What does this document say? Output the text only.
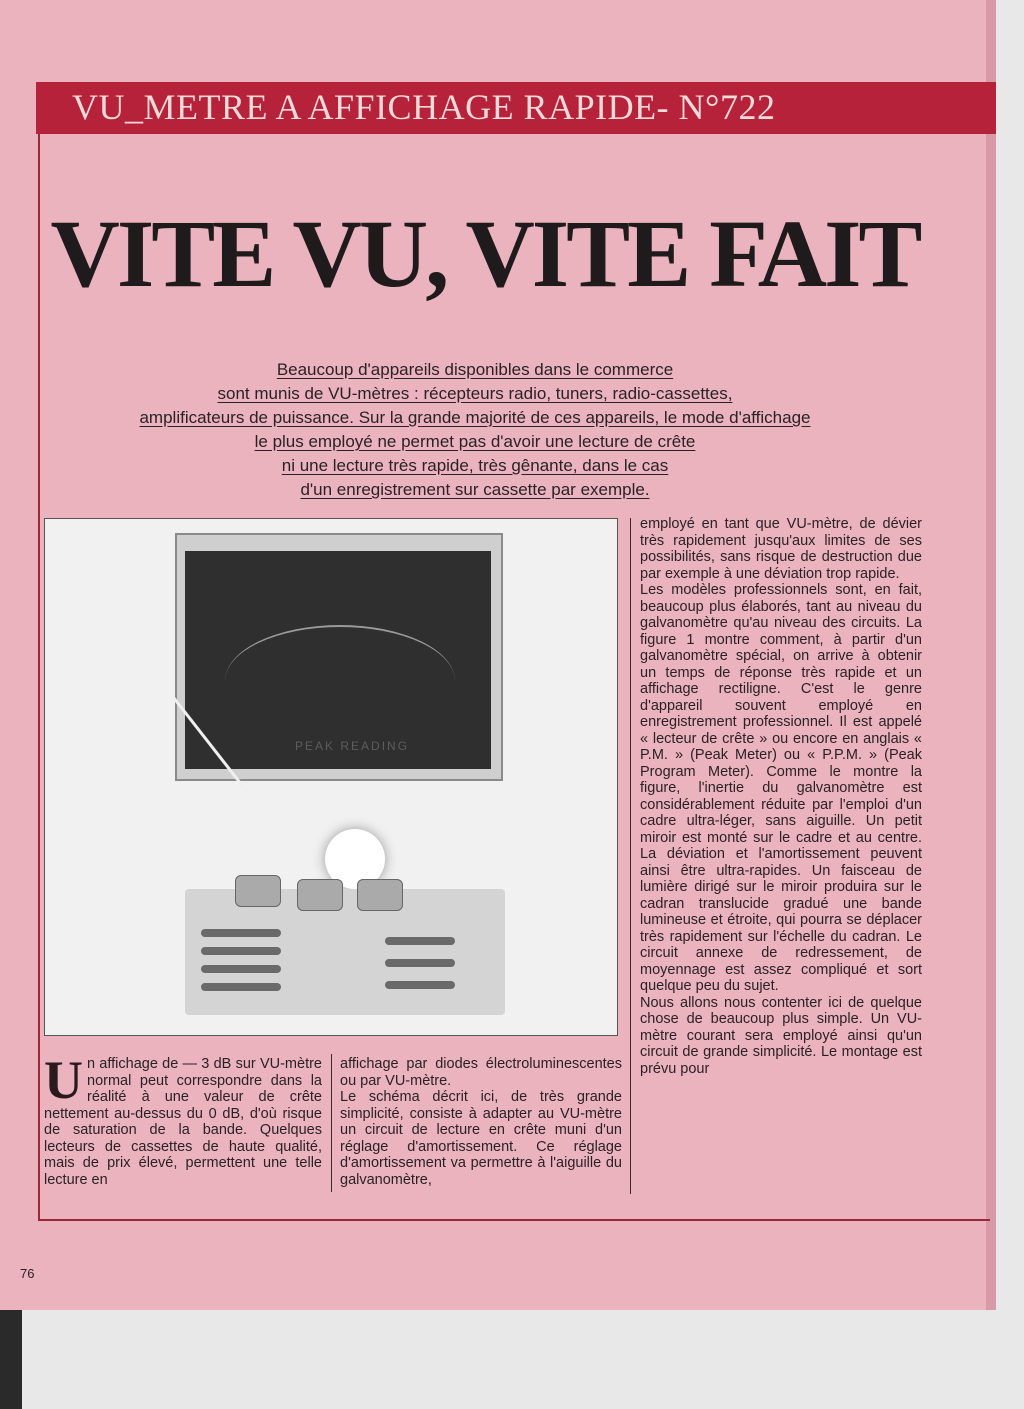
VU_METRE A AFFICHAGE RAPIDE- N°722
VITE VU, VITE FAIT
Beaucoup d'appareils disponibles dans le commerce
sont munis de VU-mètres : récepteurs radio, tuners, radio-cassettes,
amplificateurs de puissance. Sur la grande majorité de ces appareils, le mode d'affichage
le plus employé ne permet pas d'avoir une lecture de crête
ni une lecture très rapide, très gênante, dans le cas
d'un enregistrement sur cassette par exemple.
PEAK READING

Un affichage de — 3 dB sur VU-mètre normal peut correspondre dans la réalité à une valeur de crête nettement au-dessus du 0 dB, d'où risque de saturation de la bande. Quelques lecteurs de cassettes de haute qualité, mais de prix élevé, permettent une telle lecture en

affichage par diodes électroluminescentes ou par VU-mètre.

Le schéma décrit ici, de très grande simplicité, consiste à adapter au VU-mètre un circuit de lecture en crête muni d'un réglage d'amortissement. Ce réglage d'amortissement va permettre à l'aiguille du galvanomètre,

employé en tant que VU-mètre, de dévier très rapidement jusqu'aux limites de ses possibilités, sans risque de destruction due par exemple à une déviation trop rapide.

Les modèles professionnels sont, en fait, beaucoup plus élaborés, tant au niveau du galvanomètre qu'au niveau des circuits. La figure 1 montre comment, à partir d'un galvanomètre spécial, on arrive à obtenir un temps de réponse très rapide et un affichage rectiligne. C'est le genre d'appareil souvent employé en enregistrement professionnel. Il est appelé « lecteur de crête » ou encore en anglais « P.M. » (Peak Meter) ou « P.P.M. » (Peak Program Meter). Comme le montre la figure, l'inertie du galvanomètre est considérablement réduite par l'emploi d'un cadre ultra-léger, sans aiguille. Un petit miroir est monté sur le cadre et au centre. La déviation et l'amortissement peuvent ainsi être ultra-rapides. Un faisceau de lumière dirigé sur le miroir produira sur le cadran translucide gradué une bande lumineuse et étroite, qui pourra se déplacer très rapidement sur l'échelle du cadran. Le circuit annexe de redressement, de moyennage est assez compliqué et sort quelque peu du sujet.

Nous allons nous contenter ici de quelque chose de beaucoup plus simple. Un VU-mètre courant sera employé ainsi qu'un circuit de grande simplicité. Le montage est prévu pour

76
